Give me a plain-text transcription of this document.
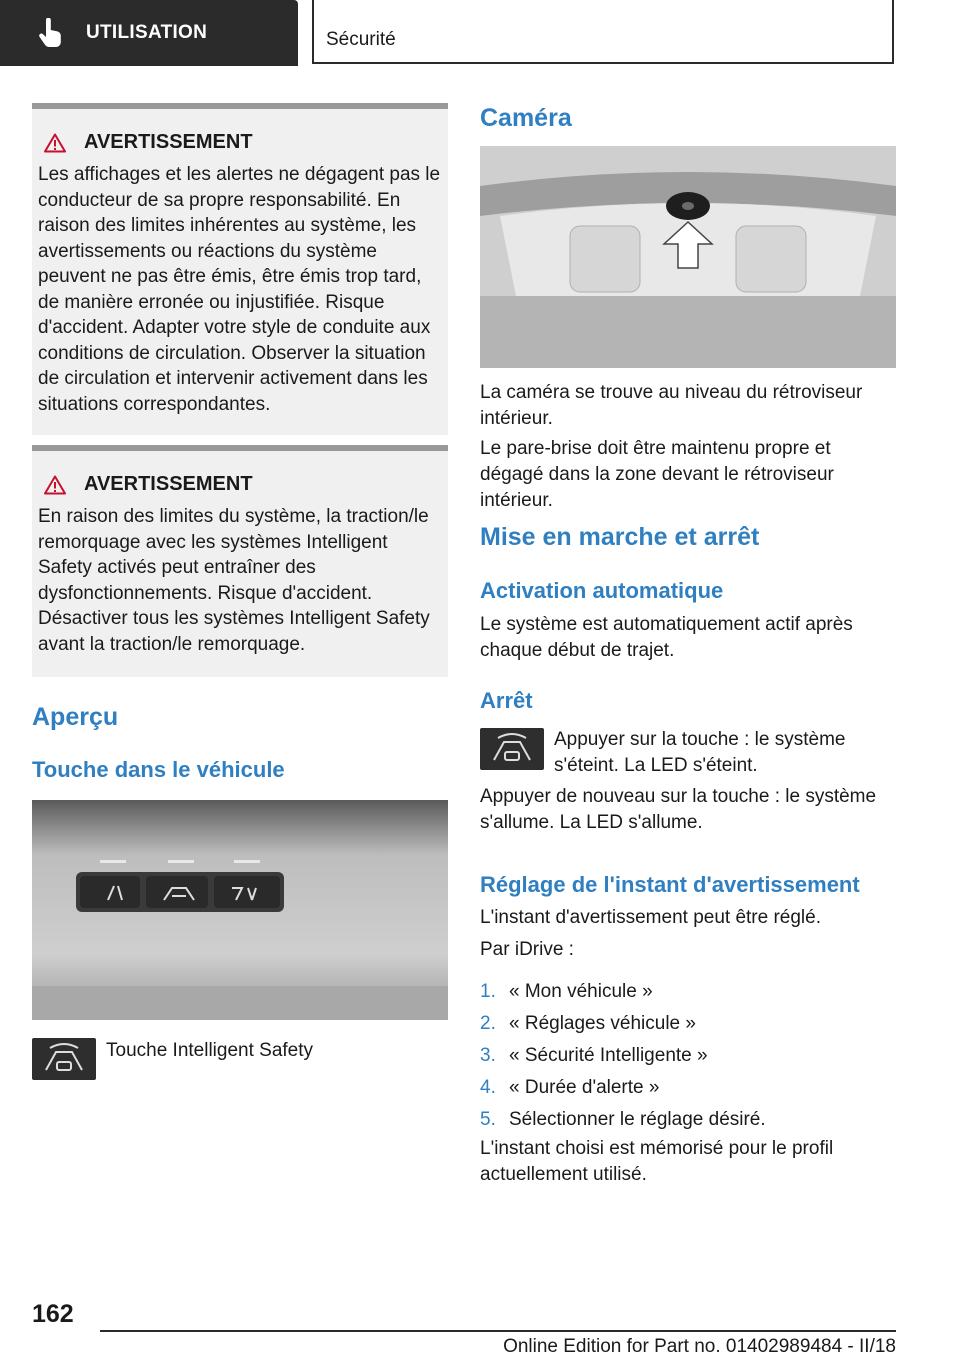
UTILISATION	Sécurité
AVERTISSEMENT

Les affichages et les alertes ne dégagent pas le conducteur de sa propre responsabilité. En raison des limites inhérentes au système, les avertissements ou réactions du système peuvent ne pas être émis, être émis trop tard, de manière erronée ou injustifiée. Risque d'accident. Adapter votre style de conduite aux conditions de circulation. Observer la situation de circulation et intervenir activement dans les situations correspondantes.

AVERTISSEMENT

En raison des limites du système, la traction/le remorquage avec les systèmes Intelligent Safety activés peut entraîner des dysfonctionnements. Risque d'accident. Désactiver tous les systèmes Intelligent Safety avant la traction/le remorquage.

Aperçu
Touche dans le véhicule

Touche Intelligent Safety

Caméra

La caméra se trouve au niveau du rétroviseur intérieur.

Le pare-brise doit être maintenu propre et dégagé dans la zone devant le rétroviseur intérieur.

Mise en marche et arrêt
Activation automatique

Le système est automatiquement actif après chaque début de trajet.

Arrêt

Appuyer sur la touche : le système s'éteint. La LED s'éteint.

Appuyer de nouveau sur la touche : le système s'allume. La LED s'allume.

Réglage de l'instant d'avertissement

L'instant d'avertissement peut être réglé.

Par iDrive :

1. « Mon véhicule »
2. « Réglages véhicule »
3. « Sécurité Intelligente »
4. « Durée d'alerte »
5. Sélectionner le réglage désiré.

L'instant choisi est mémorisé pour le profil actuellement utilisé.

162
Online Edition for Part no. 01402989484 - II/18
